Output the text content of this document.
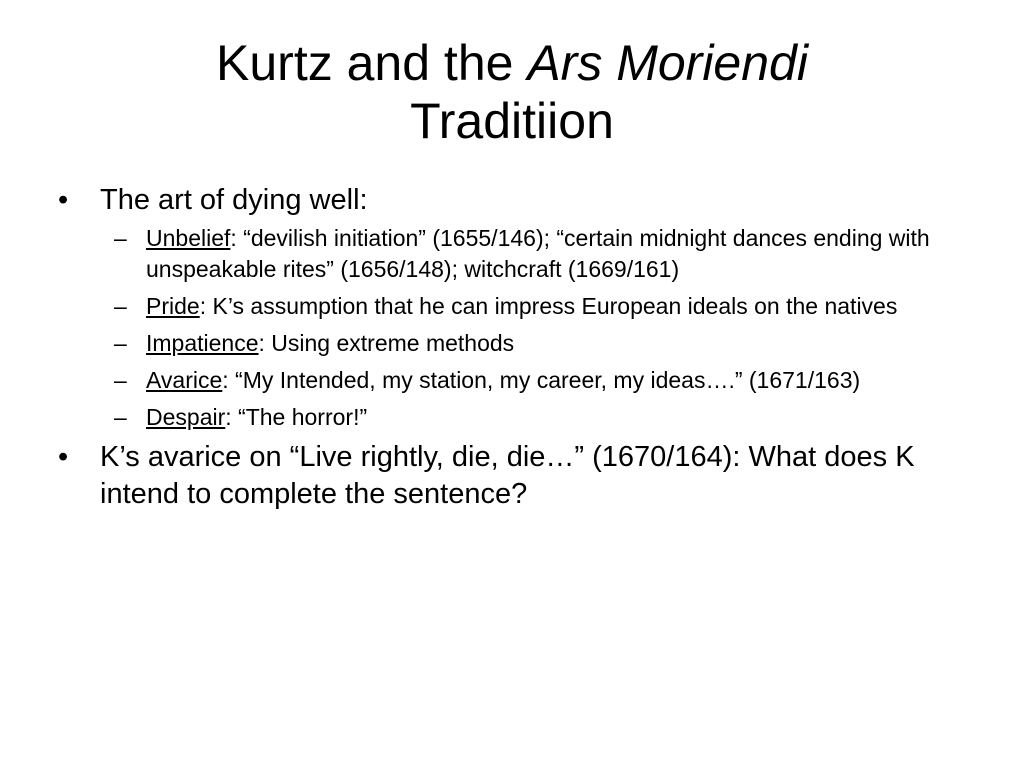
Kurtz and the Ars Moriendi
Traditiion
• The art of dying well:
– Unbelief: “devilish initiation” (1655/146); “certain midnight dances ending with unspeakable rites” (1656/148); witchcraft (1669/161)
– Pride: K’s assumption that he can impress European ideals on the natives
– Impatience: Using extreme methods
– Avarice: “My Intended, my station, my career, my ideas….” (1671/163)
– Despair: “The horror!”
• K’s avarice on “Live rightly, die, die…” (1670/164): What does K intend to complete the sentence?
